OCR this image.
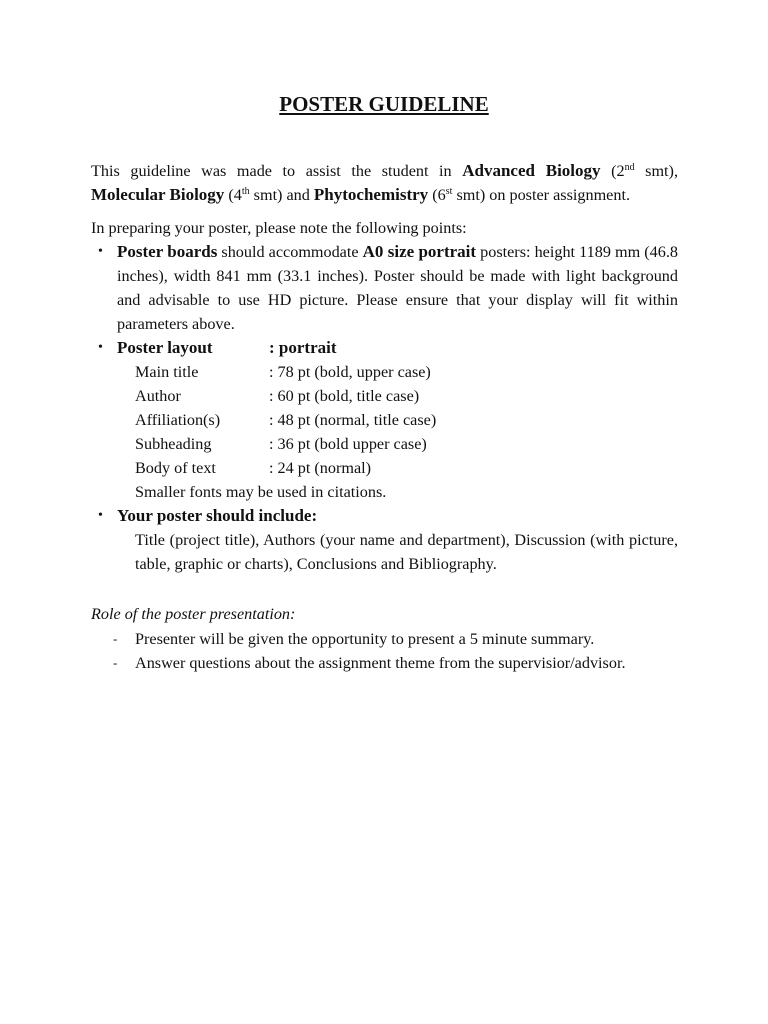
POSTER GUIDELINE
This guideline was made to assist the student in Advanced Biology (2nd smt), Molecular Biology (4th smt) and Phytochemistry (6st smt) on poster assignment.
In preparing your poster, please note the following points:
• Poster boards should accommodate A0 size portrait posters: height 1189 mm (46.8 inches), width 841 mm (33.1 inches). Poster should be made with light background and advisable to use HD picture. Please ensure that your display will fit within parameters above.
• Poster layout	: portrait
Main title	: 78 pt (bold, upper case)
Author	: 60 pt (bold, title case)
Affiliation(s)	: 48 pt (normal, title case)
Subheading	: 36 pt (bold upper case)
Body of text	: 24 pt (normal)
Smaller fonts may be used in citations.
• Your poster should include:
Title (project title), Authors (your name and department), Discussion (with picture, table, graphic or charts), Conclusions and Bibliography.
Role of the poster presentation:
- Presenter will be given the opportunity to present a 5 minute summary.
- Answer questions about the assignment theme from the supervisior/advisor.
